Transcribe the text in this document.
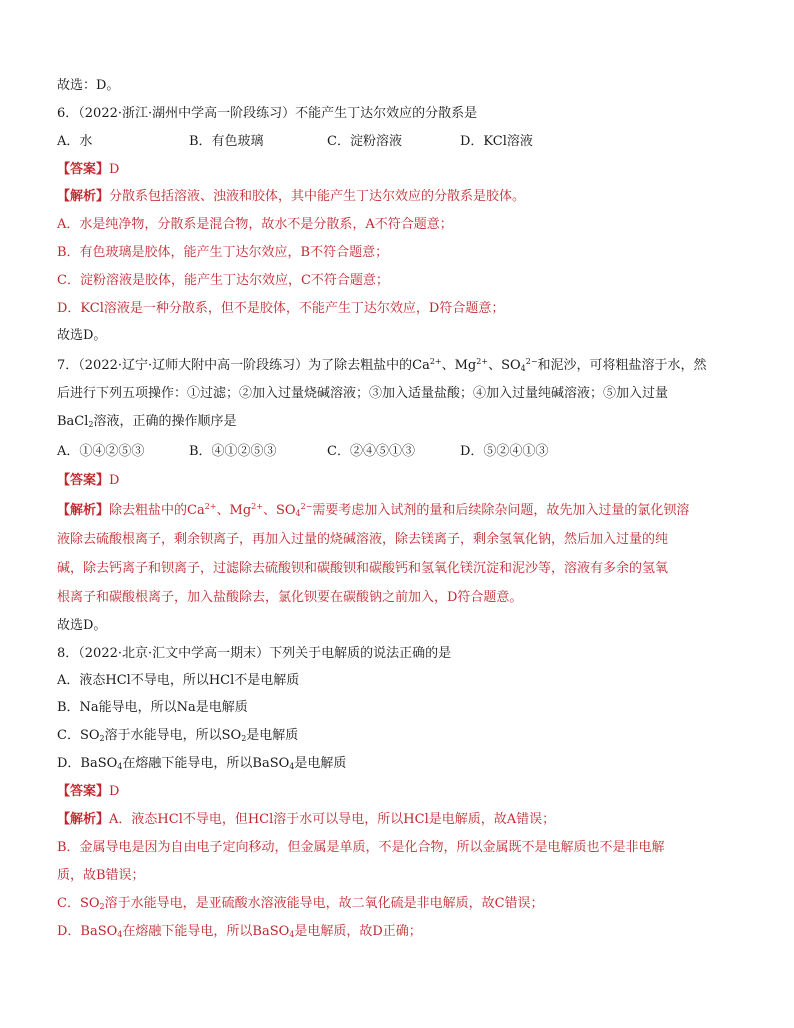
故选：D。
6．（2022·浙江·湖州中学高一阶段练习）不能产生丁达尔效应的分散系是
A．水	B．有色玻璃	C．淀粉溶液	D．KCl溶液
【答案】D
【解析】分散系包括溶液、浊液和胶体，其中能产生丁达尔效应的分散系是胶体。
A．水是纯净物，分散系是混合物，故水不是分散系，A不符合题意；
B．有色玻璃是胶体，能产生丁达尔效应，B不符合题意；
C．淀粉溶液是胶体，能产生丁达尔效应，C不符合题意；
D．KCl溶液是一种分散系，但不是胶体，不能产生丁达尔效应，D符合题意；
故选D。
7．（2022·辽宁·辽师大附中高一阶段练习）为了除去粗盐中的$Ca^{2+}$、$Mg^{2+}$、$SO_4^{2-}$和泥沙，可将粗盐溶于水，然
后进行下列五项操作：①过滤；②加入过量烧碱溶液；③加入适量盐酸；④加入过量纯碱溶液；⑤加入过量
BaCl$_2$溶液，正确的操作顺序是
A．①④②⑤③	B．④①②⑤③	C．②④⑤①③	D．⑤②④①③
【答案】D
【解析】除去粗盐中的$Ca^{2+}$、$Mg^{2+}$、$SO_4^{2-}$需要考虑加入试剂的量和后续除杂问题，故先加入过量的氯化钡溶
液除去硫酸根离子，剩余钡离子，再加入过量的烧碱溶液，除去镁离子，剩余氢氧化钠，然后加入过量的纯
碱，除去钙离子和钡离子，过滤除去硫酸钡和碳酸钡和碳酸钙和氢氧化镁沉淀和泥沙等，溶液有多余的氢氧
根离子和碳酸根离子，加入盐酸除去，氯化钡要在碳酸钠之前加入，D符合题意。
故选D。
8．（2022·北京·汇文中学高一期末）下列关于电解质的说法正确的是
A．液态HCl不导电，所以HCl不是电解质
B．Na能导电，所以Na是电解质
C．$SO_2$溶于水能导电，所以$SO_2$是电解质
D．BaSO$_4$在熔融下能导电，所以BaSO$_4$是电解质
【答案】D
【解析】A．液态HCl不导电，但HCl溶于水可以导电，所以HCl是电解质，故A错误；
B．金属导电是因为自由电子定向移动，但金属是单质，不是化合物，所以金属既不是电解质也不是非电解
质，故B错误；
C．$SO_2$溶于水能导电，是亚硫酸水溶液能导电，故二氧化硫是非电解质，故C错误；
D．BaSO$_4$在熔融下能导电，所以BaSO$_4$是电解质，故D正确；
